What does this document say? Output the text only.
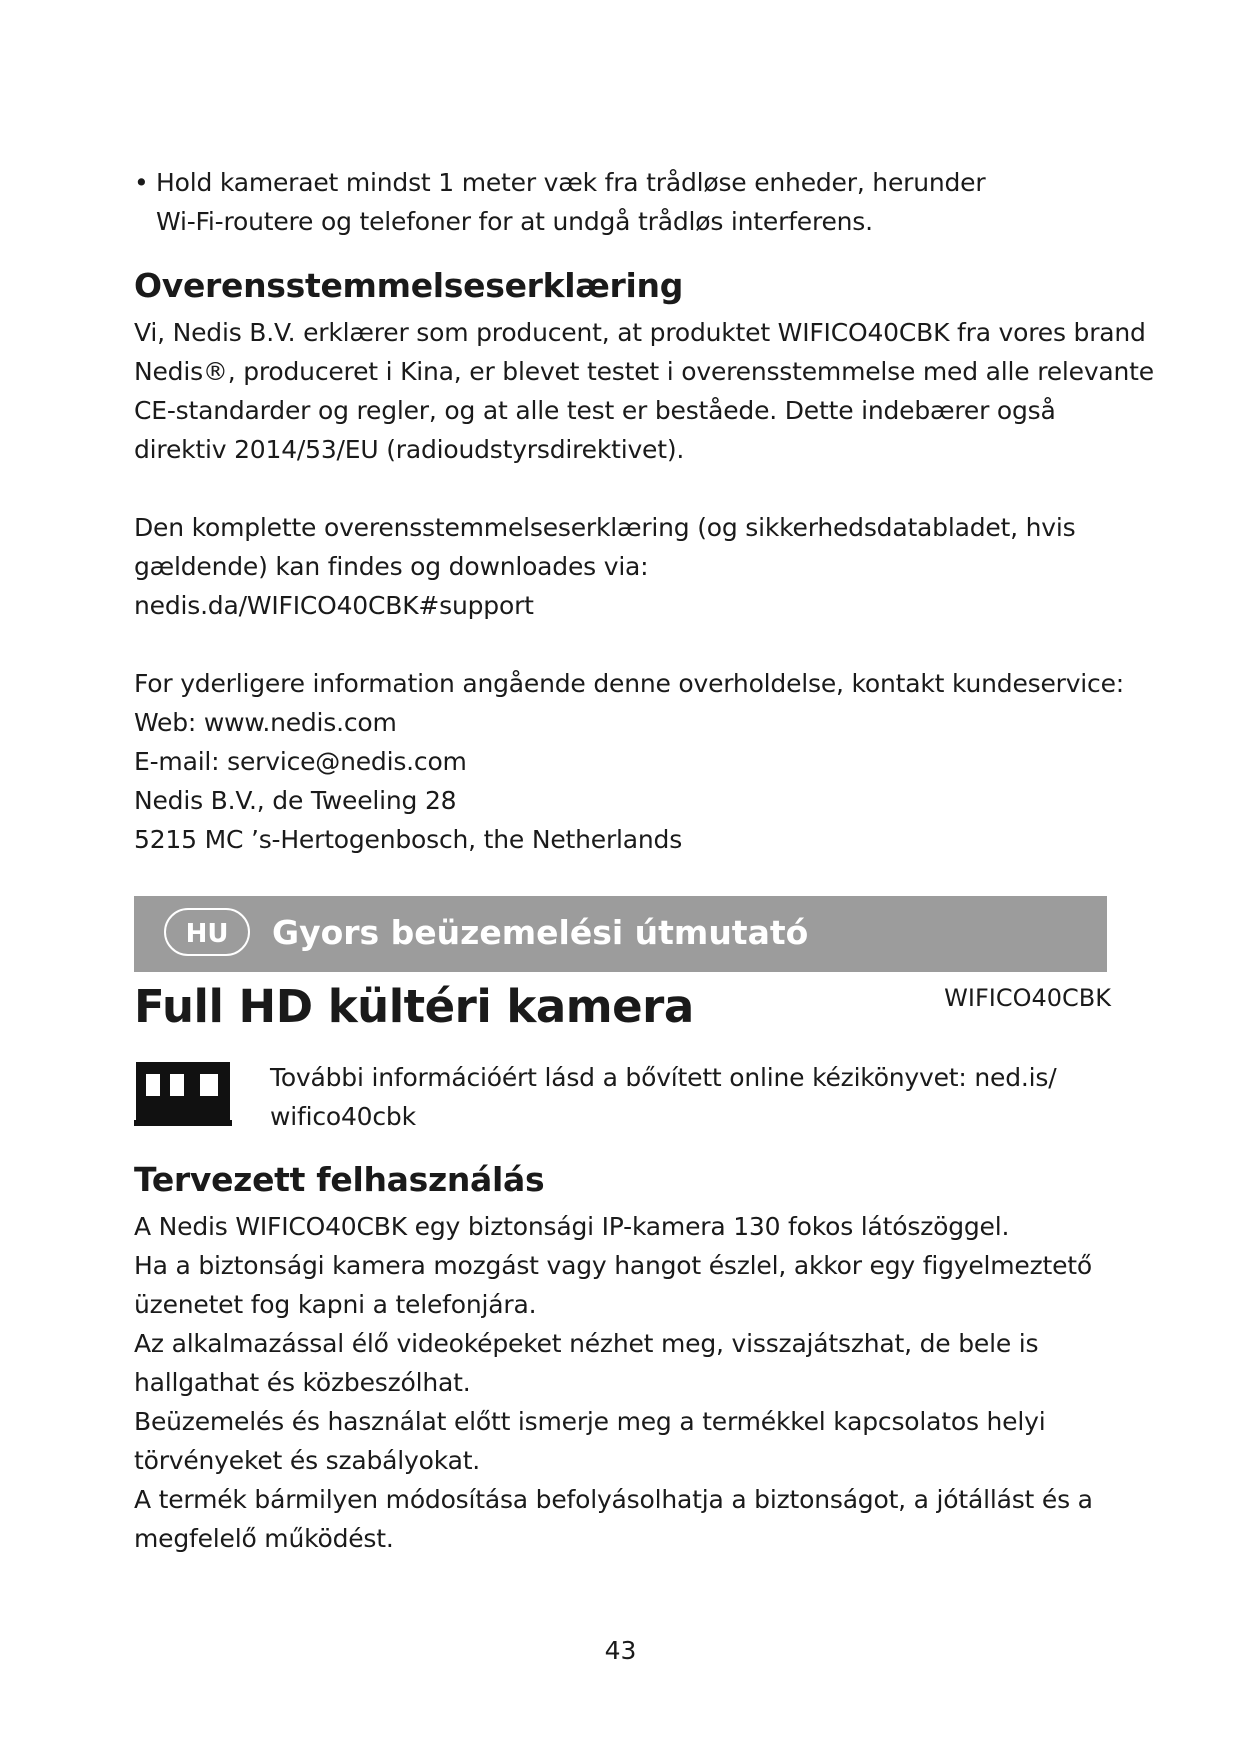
• Hold kameraet mindst 1 meter væk fra trådløse enheder, herunder
Wi-Fi-routere og telefoner for at undgå trådløs interferens.
Overensstemmelseserklæring
Vi, Nedis B.V. erklærer som producent, at produktet WIFICO40CBK fra vores brand
Nedis®, produceret i Kina, er blevet testet i overensstemmelse med alle relevante
CE-standarder og regler, og at alle test er beståede. Dette indebærer også
direktiv 2014/53/EU (radioudstyrsdirektivet).
Den komplette overensstemmelseserklæring (og sikkerhedsdatabladet, hvis
gældende) kan findes og downloades via:
nedis.da/WIFICO40CBK#support
For yderligere information angående denne overholdelse, kontakt kundeservice:
Web: www.nedis.com
E-mail: service@nedis.com
Nedis B.V., de Tweeling 28
5215 MC ’s-Hertogenbosch, the Netherlands
HU	Gyors beüzemelési útmutató
Full HD kültéri kamera	WIFICO40CBK
További információért lásd a bővített online kézikönyvet: ned.is/
wifico40cbk
Tervezett felhasználás
A Nedis WIFICO40CBK egy biztonsági IP-kamera 130 fokos látószöggel.
Ha a biztonsági kamera mozgást vagy hangot észlel, akkor egy figyelmeztető
üzenetet fog kapni a telefonjára.
Az alkalmazással élő videoképeket nézhet meg, visszajátszhat, de bele is
hallgathat és közbeszólhat.
Beüzemelés és használat előtt ismerje meg a termékkel kapcsolatos helyi
törvényeket és szabályokat.
A termék bármilyen módosítása befolyásolhatja a biztonságot, a jótállást és a
megfelelő működést.
43
